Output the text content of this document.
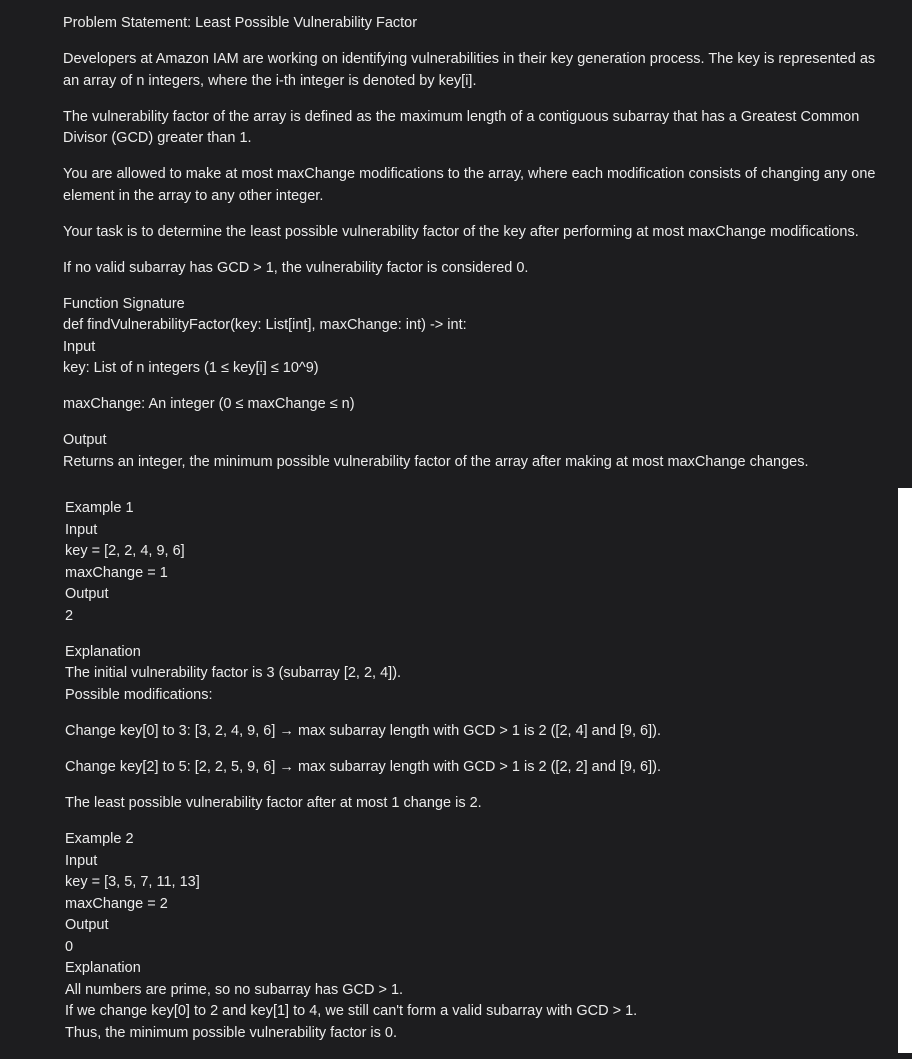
Problem Statement: Least Possible Vulnerability Factor

Developers at Amazon IAM are working on identifying vulnerabilities in their key generation process. The key is represented as an array of n integers, where the i-th integer is denoted by key[i].

The vulnerability factor of the array is defined as the maximum length of a contiguous subarray that has a Greatest Common Divisor (GCD) greater than 1.

You are allowed to make at most maxChange modifications to the array, where each modification consists of changing any one element in the array to any other integer.

Your task is to determine the least possible vulnerability factor of the key after performing at most maxChange modifications.

If no valid subarray has GCD > 1, the vulnerability factor is considered 0.

Function Signature
def findVulnerabilityFactor(key: List[int], maxChange: int) -> int:
Input
key: List of n integers (1 ≤ key[i] ≤ 10^9)

maxChange: An integer (0 ≤ maxChange ≤ n)

Output
Returns an integer, the minimum possible vulnerability factor of the array after making at most maxChange changes.

Example 1
Input
key = [2, 2, 4, 9, 6]
maxChange = 1
Output
2

Explanation
The initial vulnerability factor is 3 (subarray [2, 2, 4]).
Possible modifications:

Change key[0] to 3: [3, 2, 4, 9, 6] → max subarray length with GCD > 1 is 2 ([2, 4] and [9, 6]).

Change key[2] to 5: [2, 2, 5, 9, 6] → max subarray length with GCD > 1 is 2 ([2, 2] and [9, 6]).

The least possible vulnerability factor after at most 1 change is 2.

Example 2
Input
key = [3, 5, 7, 11, 13]
maxChange = 2
Output
0
Explanation
All numbers are prime, so no subarray has GCD > 1.
If we change key[0] to 2 and key[1] to 4, we still can't form a valid subarray with GCD > 1.
Thus, the minimum possible vulnerability factor is 0.
